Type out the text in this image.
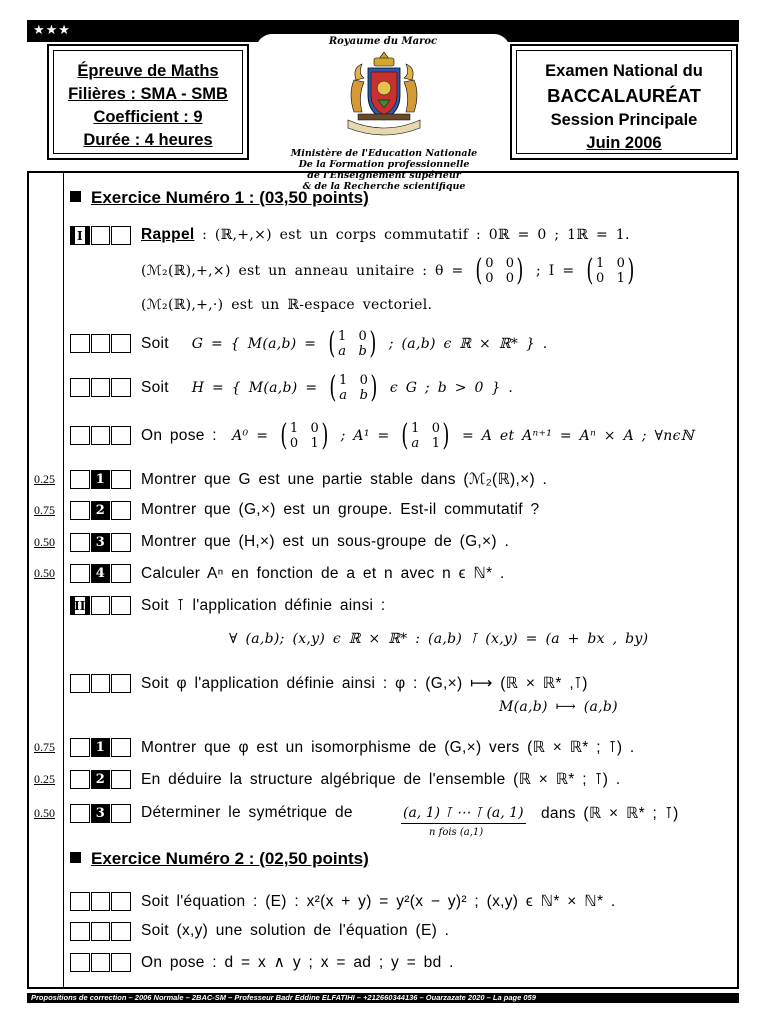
★★★
Épreuve de Maths
Filières : SMA - SMB
Coefficient : 9
Durée : 4 heures
Royaume du Maroc
Ministère de l'Education Nationale
De la Formation professionnelle
de l'Enseignement supérieur
& de la Recherche scientifique
Examen National du
BACCALAURÉAT
Session Principale
Juin 2006
Exercice Numéro 1 : (03,50 points)
I	Rappel : (ℝ,+,×) est un corps commutatif : 0ℝ = 0 ; 1ℝ = 1.
(ℳ₂(ℝ),+,×) est un anneau unitaire : θ = ( 0 0
0 0 ) ; I = ( 1 0
0 1 )
(ℳ₂(ℝ),+,·) est un ℝ-espace vectoriel.
Soit G = { M(a,b) = ( 1 0
a b ) ; (a,b) ϵ ℝ × ℝ* } .
Soit H = { M(a,b) = ( 1 0
a b ) ϵ G ; b > 0 } .
On pose : A⁰ = ( 1 0
0 1 ) ; A¹ = ( 1 0
a 1 ) = A et Aⁿ⁺¹ = Aⁿ × A ; ∀nϵℕ
0.25	1 Montrer que G est une partie stable dans (ℳ₂(ℝ),×) .
0.75	2 Montrer que (G,×) est un groupe. Est-il commutatif ?
0.50	3 Montrer que (H,×) est un sous-groupe de (G,×) .
0.50	4 Calculer Aⁿ en fonction de a et n avec n ϵ ℕ* .
II	Soit ⊺ l'application définie ainsi :
∀ (a,b); (x,y) ϵ ℝ × ℝ* : (a,b) ⊺ (x,y) = (a + bx , by)
Soit φ l'application définie ainsi : φ : (G,×) ⟼ (ℝ × ℝ* ,⊺)
M(a,b) ⟼ (a,b)
0.75	1 Montrer que φ est un isomorphisme de (G,×) vers (ℝ × ℝ* ; ⊺) .
0.25	2 En déduire la structure algébrique de l'ensemble (ℝ × ℝ* ; ⊺) .
0.50	3 Déterminer le symétrique de	(a, 1) ⊺ ⋯ ⊺ (a, 1)
n fois (a,1)
dans (ℝ × ℝ* ; ⊺)
Exercice Numéro 2 : (02,50 points)
Soit l'équation : (E) : x²(x + y) = y²(x − y)² ; (x,y) ϵ ℕ* × ℕ* .
Soit (x,y) une solution de l'équation (E) .
On pose : d = x ∧ y ; x = ad ; y = bd .
Propositions de correction – 2006 Normale – 2BAC-SM – Professeur Badr Eddine ELFATIHI – +212660344136 – Ouarzazate 2020 – La page 059
